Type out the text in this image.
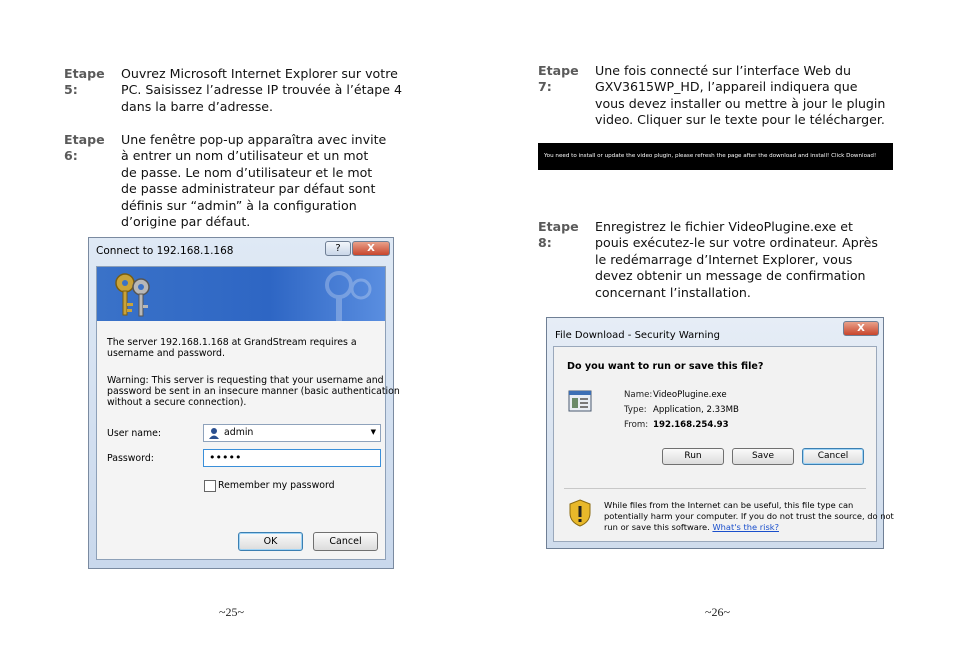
Etape 5:
Ouvrez Microsoft Internet Explorer sur votre
PC. Saisissez l’adresse IP trouvée à l’étape 4
dans la barre d’adresse.
Etape 6:
Une fenêtre pop-up apparaîtra avec invite
à entrer un nom d’utilisateur et un mot
de passe. Le nom d’utilisateur et le mot
de passe administrateur par défaut sont
définis sur “admin” à la configuration
d’origine par défaut.
Connect to 192.168.1.168	?	X
The server 192.168.1.168 at GrandStream requires a
username and password.
Warning: This server is requesting that your username and
password be sent in an insecure manner (basic authentication
without a secure connection).
User name:	admin	▼
Password:	•••••
Remember my password
OK	Cancel
~25~
Etape 7:
Une fois connecté sur l’interface Web du
GXV3615WP_HD, l’appareil indiquera que
vous devez installer ou mettre à jour le plugin
video. Cliquer sur le texte pour le télécharger.
You need to install or update the video plugin, please refresh the page after the download and install! Click Download!
Etape 8:
Enregistrez le fichier VideoPlugine.exe et
pouis exécutez-le sur votre ordinateur. Après
le redémarrage d’Internet Explorer, vous
devez obtenir un message de confirmation
concernant l’installation.
File Download - Security Warning
X
Do you want to run or save this file?
Name: VideoPlugine.exe
Type: Application, 2.33MB
From: 192.168.254.93
Run	Save	Cancel
While files from the Internet can be useful, this file type can
potentially harm your computer. If you do not trust the source, do not
run or save this software. What's the risk?
~26~
